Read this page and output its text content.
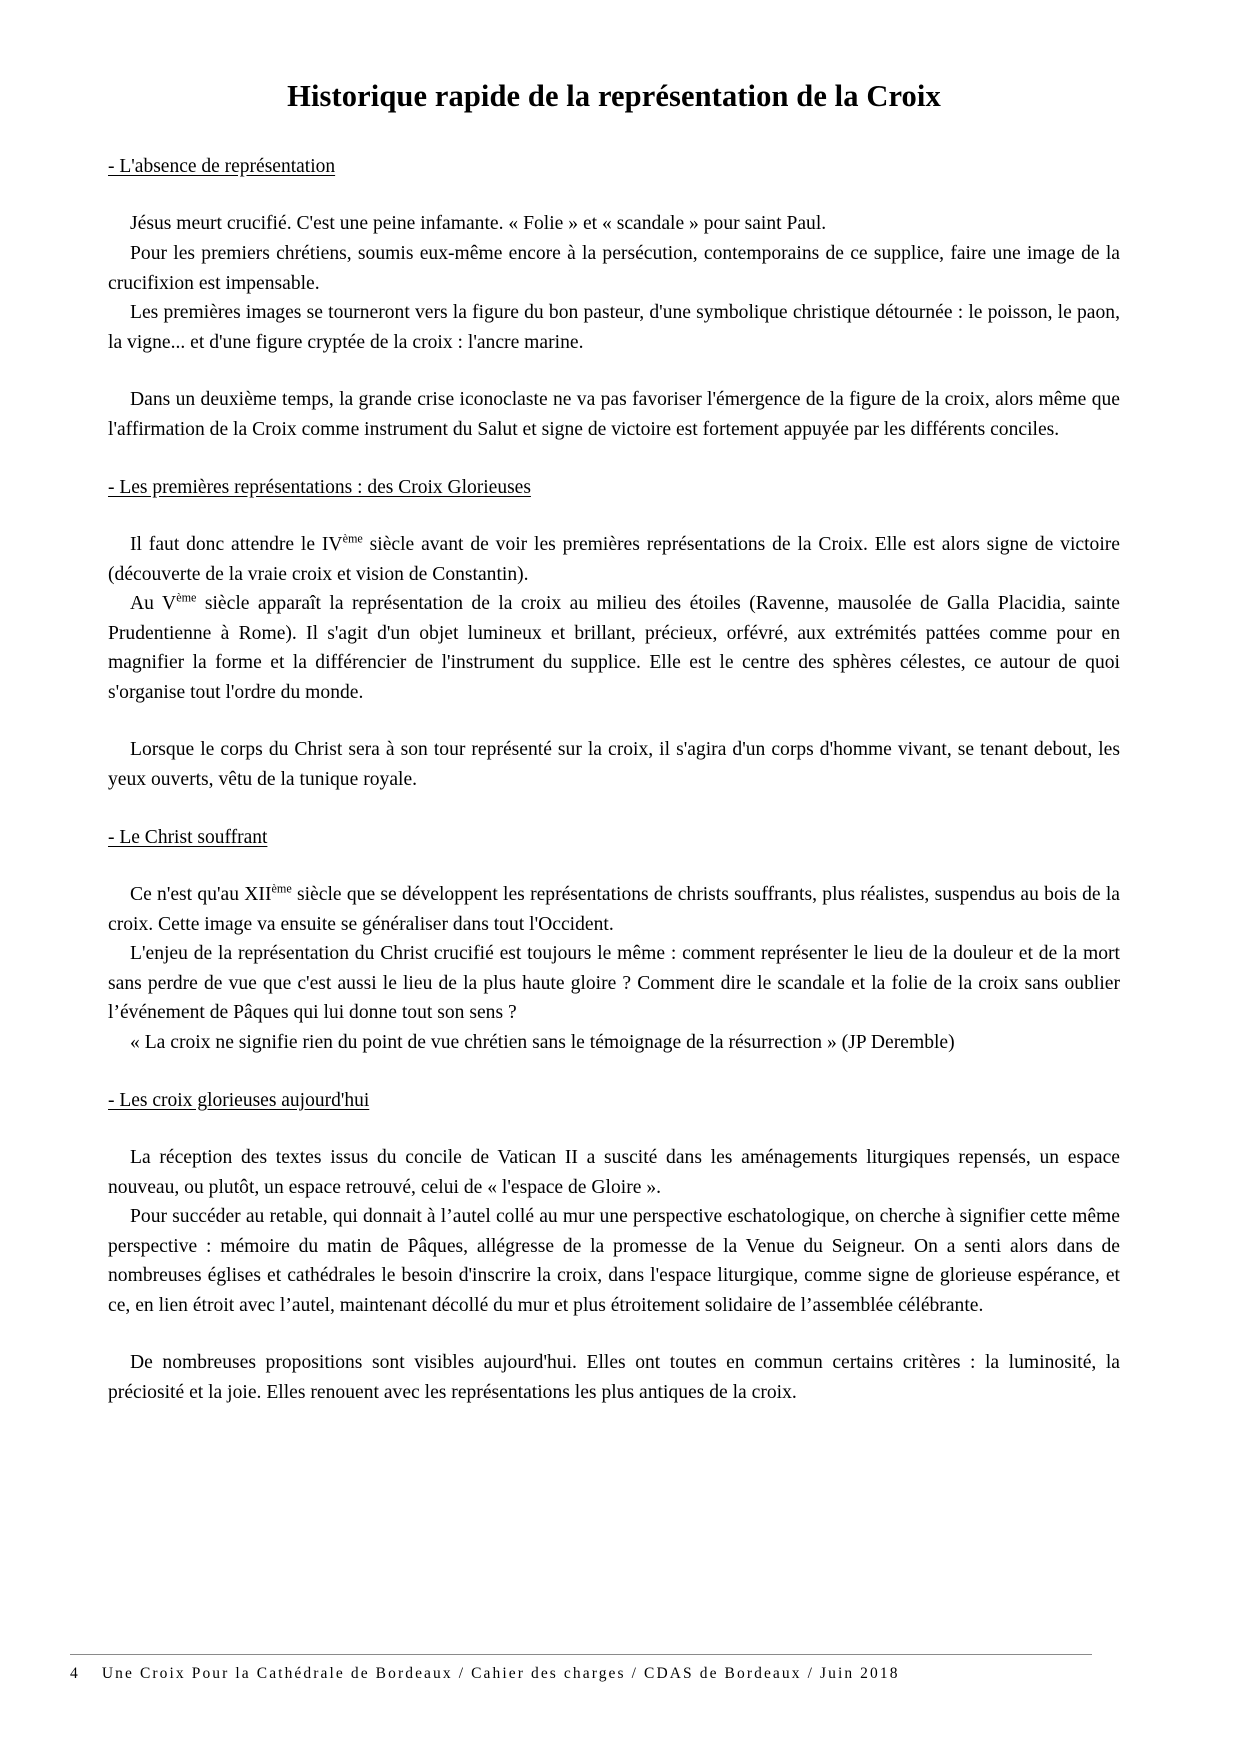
Historique rapide de la représentation de la Croix
- L'absence de représentation

Jésus meurt crucifié. C'est une peine infamante. « Folie » et « scandale » pour saint Paul.

Pour les premiers chrétiens, soumis eux-même encore à la persécution, contemporains de ce supplice, faire une image de la crucifixion est impensable.

Les premières images se tourneront vers la figure du bon pasteur, d'une symbolique christique détournée : le poisson, le paon, la vigne... et d'une figure cryptée de la croix : l'ancre marine.

Dans un deuxième temps, la grande crise iconoclaste ne va pas favoriser l'émergence de la figure de la croix, alors même que l'affirmation de la Croix comme instrument du Salut et signe de victoire est fortement appuyée par les différents conciles.

- Les premières représentations : des Croix Glorieuses

Il faut donc attendre le IVème siècle avant de voir les premières représentations de la Croix. Elle est alors signe de victoire (découverte de la vraie croix et vision de Constantin).

Au Vème siècle apparaît la représentation de la croix au milieu des étoiles (Ravenne, mausolée de Galla Placidia, sainte Prudentienne à Rome). Il s'agit d'un objet lumineux et brillant, précieux, orfévré, aux extrémités pattées comme pour en magnifier la forme et la différencier de l'instrument du supplice. Elle est le centre des sphères célestes, ce autour de quoi s'organise tout l'ordre du monde.

Lorsque le corps du Christ sera à son tour représenté sur la croix, il s'agira d'un corps d'homme vivant, se tenant debout, les yeux ouverts, vêtu de la tunique royale.

- Le Christ souffrant

Ce n'est qu'au XIIème siècle que se développent les représentations de christs souffrants, plus réalistes, suspendus au bois de la croix. Cette image va ensuite se généraliser dans tout l'Occident.

L'enjeu de la représentation du Christ crucifié est toujours le même : comment représenter le lieu de la douleur et de la mort sans perdre de vue que c'est aussi le lieu de la plus haute gloire ? Comment dire le scandale et la folie de la croix sans oublier l’événement de Pâques qui lui donne tout son sens ?

« La croix ne signifie rien du point de vue chrétien sans le témoignage de la résurrection » (JP Deremble)

- Les croix glorieuses aujourd'hui

La réception des textes issus du concile de Vatican II a suscité dans les aménagements liturgiques repensés, un espace nouveau, ou plutôt, un espace retrouvé, celui de « l'espace de Gloire ».

Pour succéder au retable, qui donnait à l’autel collé au mur une perspective eschatologique, on cherche à signifier cette même perspective : mémoire du matin de Pâques, allégresse de la promesse de la Venue du Seigneur. On a senti alors dans de nombreuses églises et cathédrales le besoin d'inscrire la croix, dans l'espace liturgique, comme signe de glorieuse espérance, et ce, en lien étroit avec l’autel, maintenant décollé du mur et plus étroitement solidaire de l’assemblée célébrante.

De nombreuses propositions sont visibles aujourd'hui. Elles ont toutes en commun certains critères : la luminosité, la préciosité et la joie. Elles renouent avec les représentations les plus antiques de la croix.

4 Une Croix Pour la Cathédrale de Bordeaux / Cahier des charges / CDAS de Bordeaux / Juin 2018
